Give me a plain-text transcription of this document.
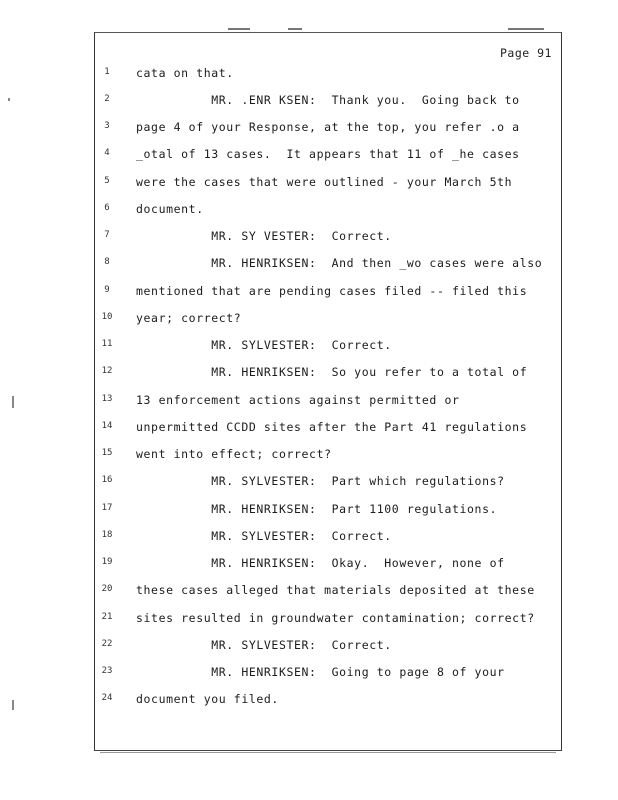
Page 91
1	cata on that.
2	MR. .ENR KSEN:  Thank you.  Going back to
3	page 4 of your Response, at the top, you refer .o a
4	_otal of 13 cases.  It appears that 11 of _he cases
5	were the cases that were outlined - your March 5th
6	document.
7	MR. SY VESTER:  Correct.
8	MR. HENRIKSEN:  And then _wo cases were also
9	mentioned that are pending cases filed -- filed this
10	year; correct?
11	MR. SYLVESTER:  Correct.
12	MR. HENRIKSEN:  So you refer to a total of
13	13 enforcement actions against permitted or
14	unpermitted CCDD sites after the Part 41 regulations
15	went into effect; correct?
16	MR. SYLVESTER:  Part which regulations?
17	MR. HENRIKSEN:  Part 1100 regulations.
18	MR. SYLVESTER:  Correct.
19	MR. HENRIKSEN:  Okay.  However, none of
20	these cases alleged that materials deposited at these
21	sites resulted in groundwater contamination; correct?
22	MR. SYLVESTER:  Correct.
23	MR. HENRIKSEN:  Going to page 8 of your
24	document you filed.
